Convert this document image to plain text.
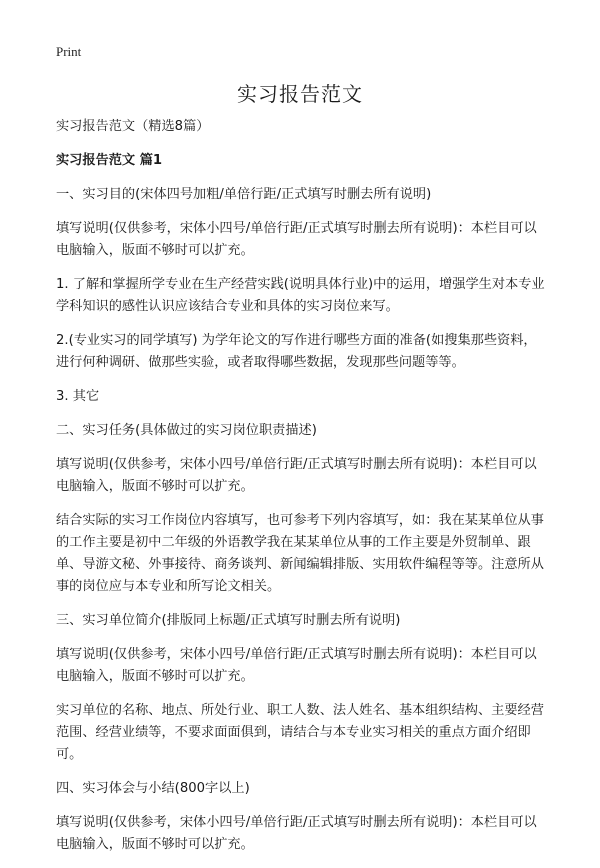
Print
实习报告范文

实习报告范文（精选8篇）

实习报告范文 篇1

一、实习目的(宋体四号加粗/单倍行距/正式填写时删去所有说明)

填写说明(仅供参考，宋体小四号/单倍行距/正式填写时删去所有说明)：本栏目可以电脑输入，版面不够时可以扩充。

1. 了解和掌握所学专业在生产经营实践(说明具体行业)中的运用，增强学生对本专业学科知识的感性认识应该结合专业和具体的实习岗位来写。

2.(专业实习的同学填写) 为学年论文的写作进行哪些方面的准备(如搜集那些资料，进行何种调研、做那些实验，或者取得哪些数据，发现那些问题等等。

3. 其它

二、实习任务(具体做过的实习岗位职责描述)

填写说明(仅供参考，宋体小四号/单倍行距/正式填写时删去所有说明)：本栏目可以电脑输入，版面不够时可以扩充。

结合实际的实习工作岗位内容填写，也可参考下列内容填写，如：我在某某单位从事的工作主要是初中二年级的外语教学我在某某单位从事的工作主要是外贸制单、跟单、导游文秘、外事接待、商务谈判、新闻编辑排版、实用软件编程等等。注意所从事的岗位应与本专业和所写论文相关。

三、实习单位简介(排版同上标题/正式填写时删去所有说明)

填写说明(仅供参考，宋体小四号/单倍行距/正式填写时删去所有说明)：本栏目可以电脑输入，版面不够时可以扩充。

实习单位的名称、地点、所处行业、职工人数、法人姓名、基本组织结构、主要经营范围、经营业绩等，不要求面面俱到，请结合与本专业实习相关的重点方面介绍即可。

四、实习体会与小结(800字以上)

填写说明(仅供参考，宋体小四号/单倍行距/正式填写时删去所有说明)：本栏目可以电脑输入，版面不够时可以扩充。
